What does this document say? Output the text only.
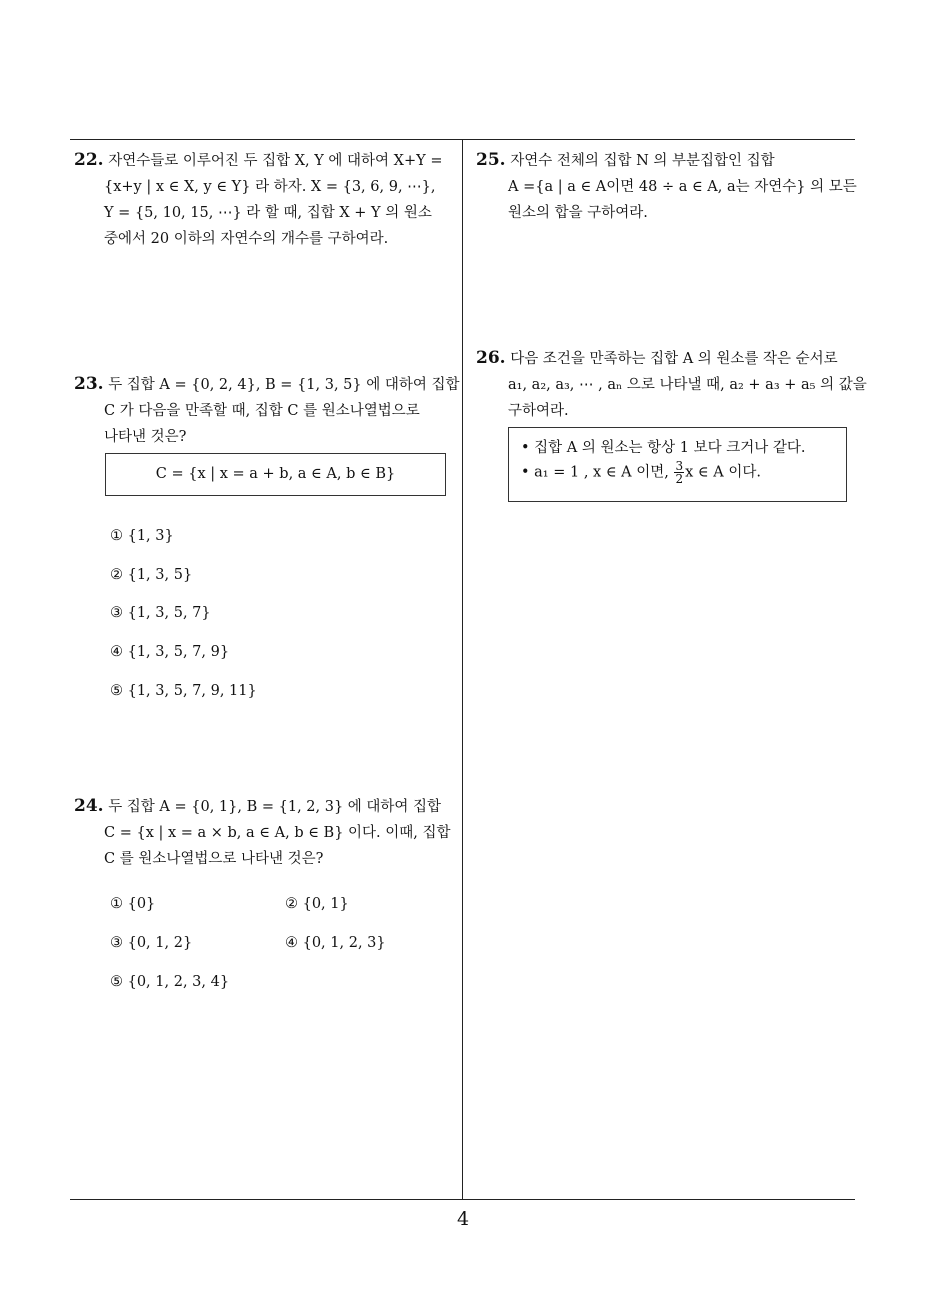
22. 자연수들로 이루어진 두 집합 X, Y 에 대하여 X+Y =
{x+y | x ∈ X, y ∈ Y} 라 하자. X = {3, 6, 9, ⋯},
Y = {5, 10, 15, ⋯} 라 할 때, 집합 X + Y 의 원소
중에서 20 이하의 자연수의 개수를 구하여라.
23. 두 집합 A = {0, 2, 4}, B = {1, 3, 5} 에 대하여 집합
C 가 다음을 만족할 때, 집합 C 를 원소나열법으로
나타낸 것은?
C = {x | x = a + b, a ∈ A, b ∈ B}
① {1, 3}
② {1, 3, 5}
③ {1, 3, 5, 7}
④ {1, 3, 5, 7, 9}
⑤ {1, 3, 5, 7, 9, 11}
24. 두 집합 A = {0, 1}, B = {1, 2, 3} 에 대하여 집합
C = {x | x = a × b, a ∈ A, b ∈ B} 이다. 이때, 집합
C 를 원소나열법으로 나타낸 것은?
① {0}	② {0, 1}
③ {0, 1, 2}	④ {0, 1, 2, 3}
⑤ {0, 1, 2, 3, 4}
25. 자연수 전체의 집합 N 의 부분집합인 집합
A ={a | a ∈ A이면 48 ÷ a ∈ A, a는 자연수} 의 모든
원소의 합을 구하여라.
26. 다음 조건을 만족하는 집합 A 의 원소를 작은 순서로
a₁, a₂, a₃, ⋯ , aₙ 으로 나타낼 때, a₂ + a₃ + a₅ 의 값을
구하여라.
• 집합 A 의 원소는 항상 1 보다 크거나 같다.
• a₁ = 1 , x ∈ A 이면, $\frac{3}{2}$ x ∈ A 이다.
4
